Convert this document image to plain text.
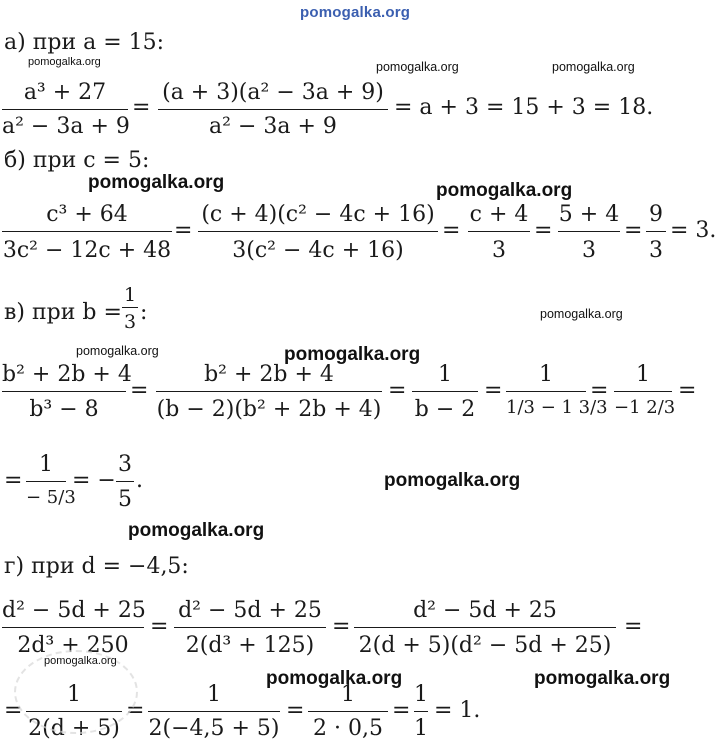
pomogalka.org
а) при a = 15:
a³ + 27
a² − 3a + 9
=
(a + 3)(a² − 3a + 9)
a² − 3a + 9
= a + 3 = 15 + 3 = 18.
б) при c = 5:
c³ + 64
3c² − 12c + 48
=
(c + 4)(c² − 4c + 16)
3(c² − 4c + 16)
=
c + 4
3
=
5 + 4
3
=
9
3
= 3.
в) при b =
1
3 :
b² + 2b + 4
b³ − 8
=
b² + 2b + 4
(b − 2)(b² + 2b + 4)
=
1
b − 2
=
1
1/3 − 1 3/3
=
1
−1 2/3
=
=
1
− 5/3
= −
3
5
.
г) при d = −4,5:
d² − 5d + 25
2d³ + 250
=
d² − 5d + 25
2(d³ + 125)
=
d² − 5d + 25
2(d + 5)(d² − 5d + 25)
=
=
1
2(d + 5)
=
1
2(−4,5 + 5)
=
1
2 · 0,5
=
1
1
= 1.
pomogalka.org	pomogalka.org	pomogalka.org
pomogalka.org	pomogalka.org
pomogalka.org
pomogalka.org	pomogalka.org
pomogalka.org
pomogalka.org
pomogalka.org
pomogalka.org	pomogalka.org
